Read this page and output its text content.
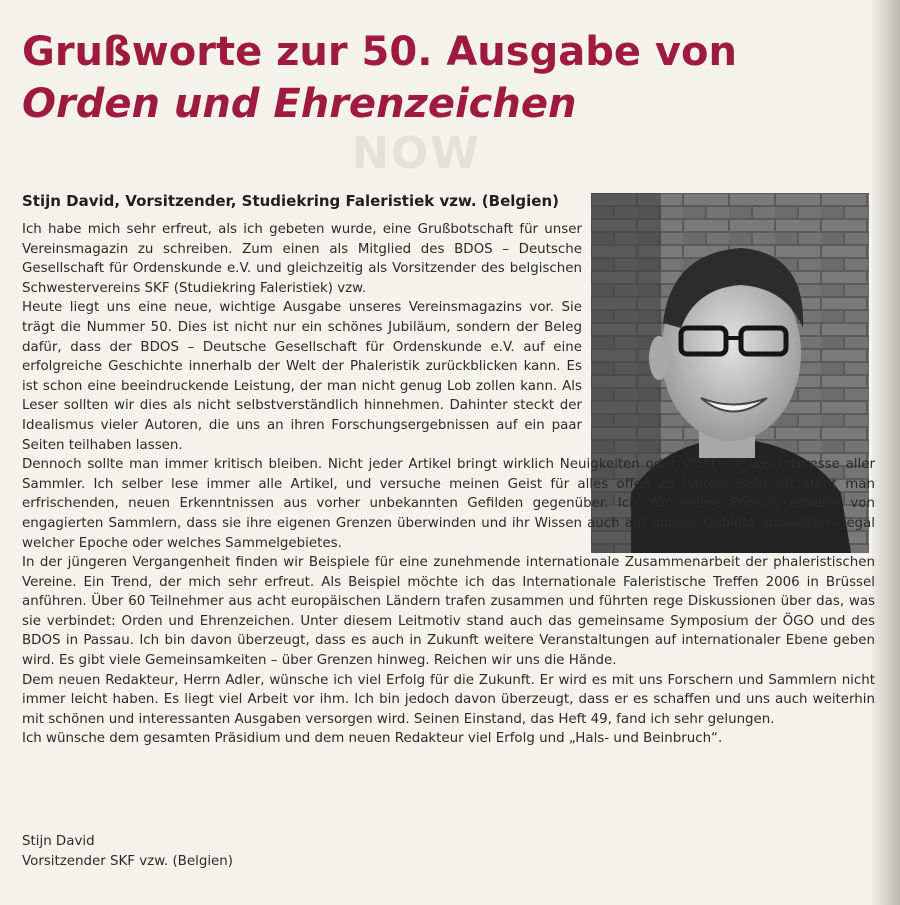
NOW
Grußworte zur 50. Ausgabe von

Orden und Ehrenzeichen
Stijn David, Vorsitzender, Studiekring Faleristiek vzw. (Belgien)

Ich habe mich sehr erfreut, als ich gebeten wurde, eine Grußbotschaft für unser Vereinsmagazin zu schreiben. Zum einen als Mitglied des BDOS – Deutsche Gesellschaft für Ordenskunde e.V. und gleichzeitig als Vorsitzender des belgischen Schwestervereins SKF (Studiekring Faleristiek) vzw.

Heute liegt uns eine neue, wichtige Ausgabe unseres Vereinsmagazins vor. Sie trägt die Nummer 50. Dies ist nicht nur ein schönes Jubiläum, sondern der Beleg dafür, dass der BDOS – Deutsche Gesellschaft für Ordenskunde e.V. auf eine erfolgreiche Geschichte innerhalb der Welt der Phaleristik zurückblicken kann. Es ist schon eine beeindruckende Leistung, der man nicht genug Lob zollen kann. Als Leser sollten wir dies als nicht selbstverständlich hinnehmen. Dahinter steckt der Idealismus vieler Autoren, die uns an ihren Forschungsergebnissen auf ein paar Seiten teilhaben lassen.

Dennoch sollte man immer kritisch bleiben. Nicht jeder Artikel bringt wirklich Neuigkeiten oder stößt auf das Interesse aller Sammler. Ich selber lese immer alle Artikel, und versuche meinen Geist für alles offen zu halten. Sehr oft steht man erfrischenden, neuen Erkenntnissen aus vorher unbekannten Gefilden gegenüber. Ich, für meine Person, erwarte von engagierten Sammlern, dass sie ihre eigenen Grenzen überwinden und ihr Wissen auch auf andere Gebiete ausweiten – egal welcher Epoche oder welches Sammelgebietes.

In der jüngeren Vergangenheit finden wir Beispiele für eine zunehmende internationale Zusammenarbeit der phaleristischen Vereine. Ein Trend, der mich sehr erfreut. Als Beispiel möchte ich das Internationale Faleristische Treffen 2006 in Brüssel anführen. Über 60 Teilnehmer aus acht europäischen Ländern trafen zusammen und führten rege Diskussionen über das, was sie verbindet: Orden und Ehrenzeichen. Unter diesem Leitmotiv stand auch das gemeinsame Symposium der ÖGO und des BDOS in Passau. Ich bin davon überzeugt, dass es auch in Zukunft weitere Veranstaltungen auf internationaler Ebene geben wird. Es gibt viele Gemeinsamkeiten – über Grenzen hinweg. Reichen wir uns die Hände.

Dem neuen Redakteur, Herrn Adler, wünsche ich viel Erfolg für die Zukunft. Er wird es mit uns Forschern und Sammlern nicht immer leicht haben. Es liegt viel Arbeit vor ihm. Ich bin jedoch davon überzeugt, dass er es schaffen und uns auch weiterhin mit schönen und interessanten Ausgaben versorgen wird. Seinen Einstand, das Heft 49, fand ich sehr gelungen.

Ich wünsche dem gesamten Präsidium und dem neuen Redakteur viel Erfolg und „Hals- und Beinbruch“.

Stijn David
Vorsitzender SKF vzw. (Belgien)
